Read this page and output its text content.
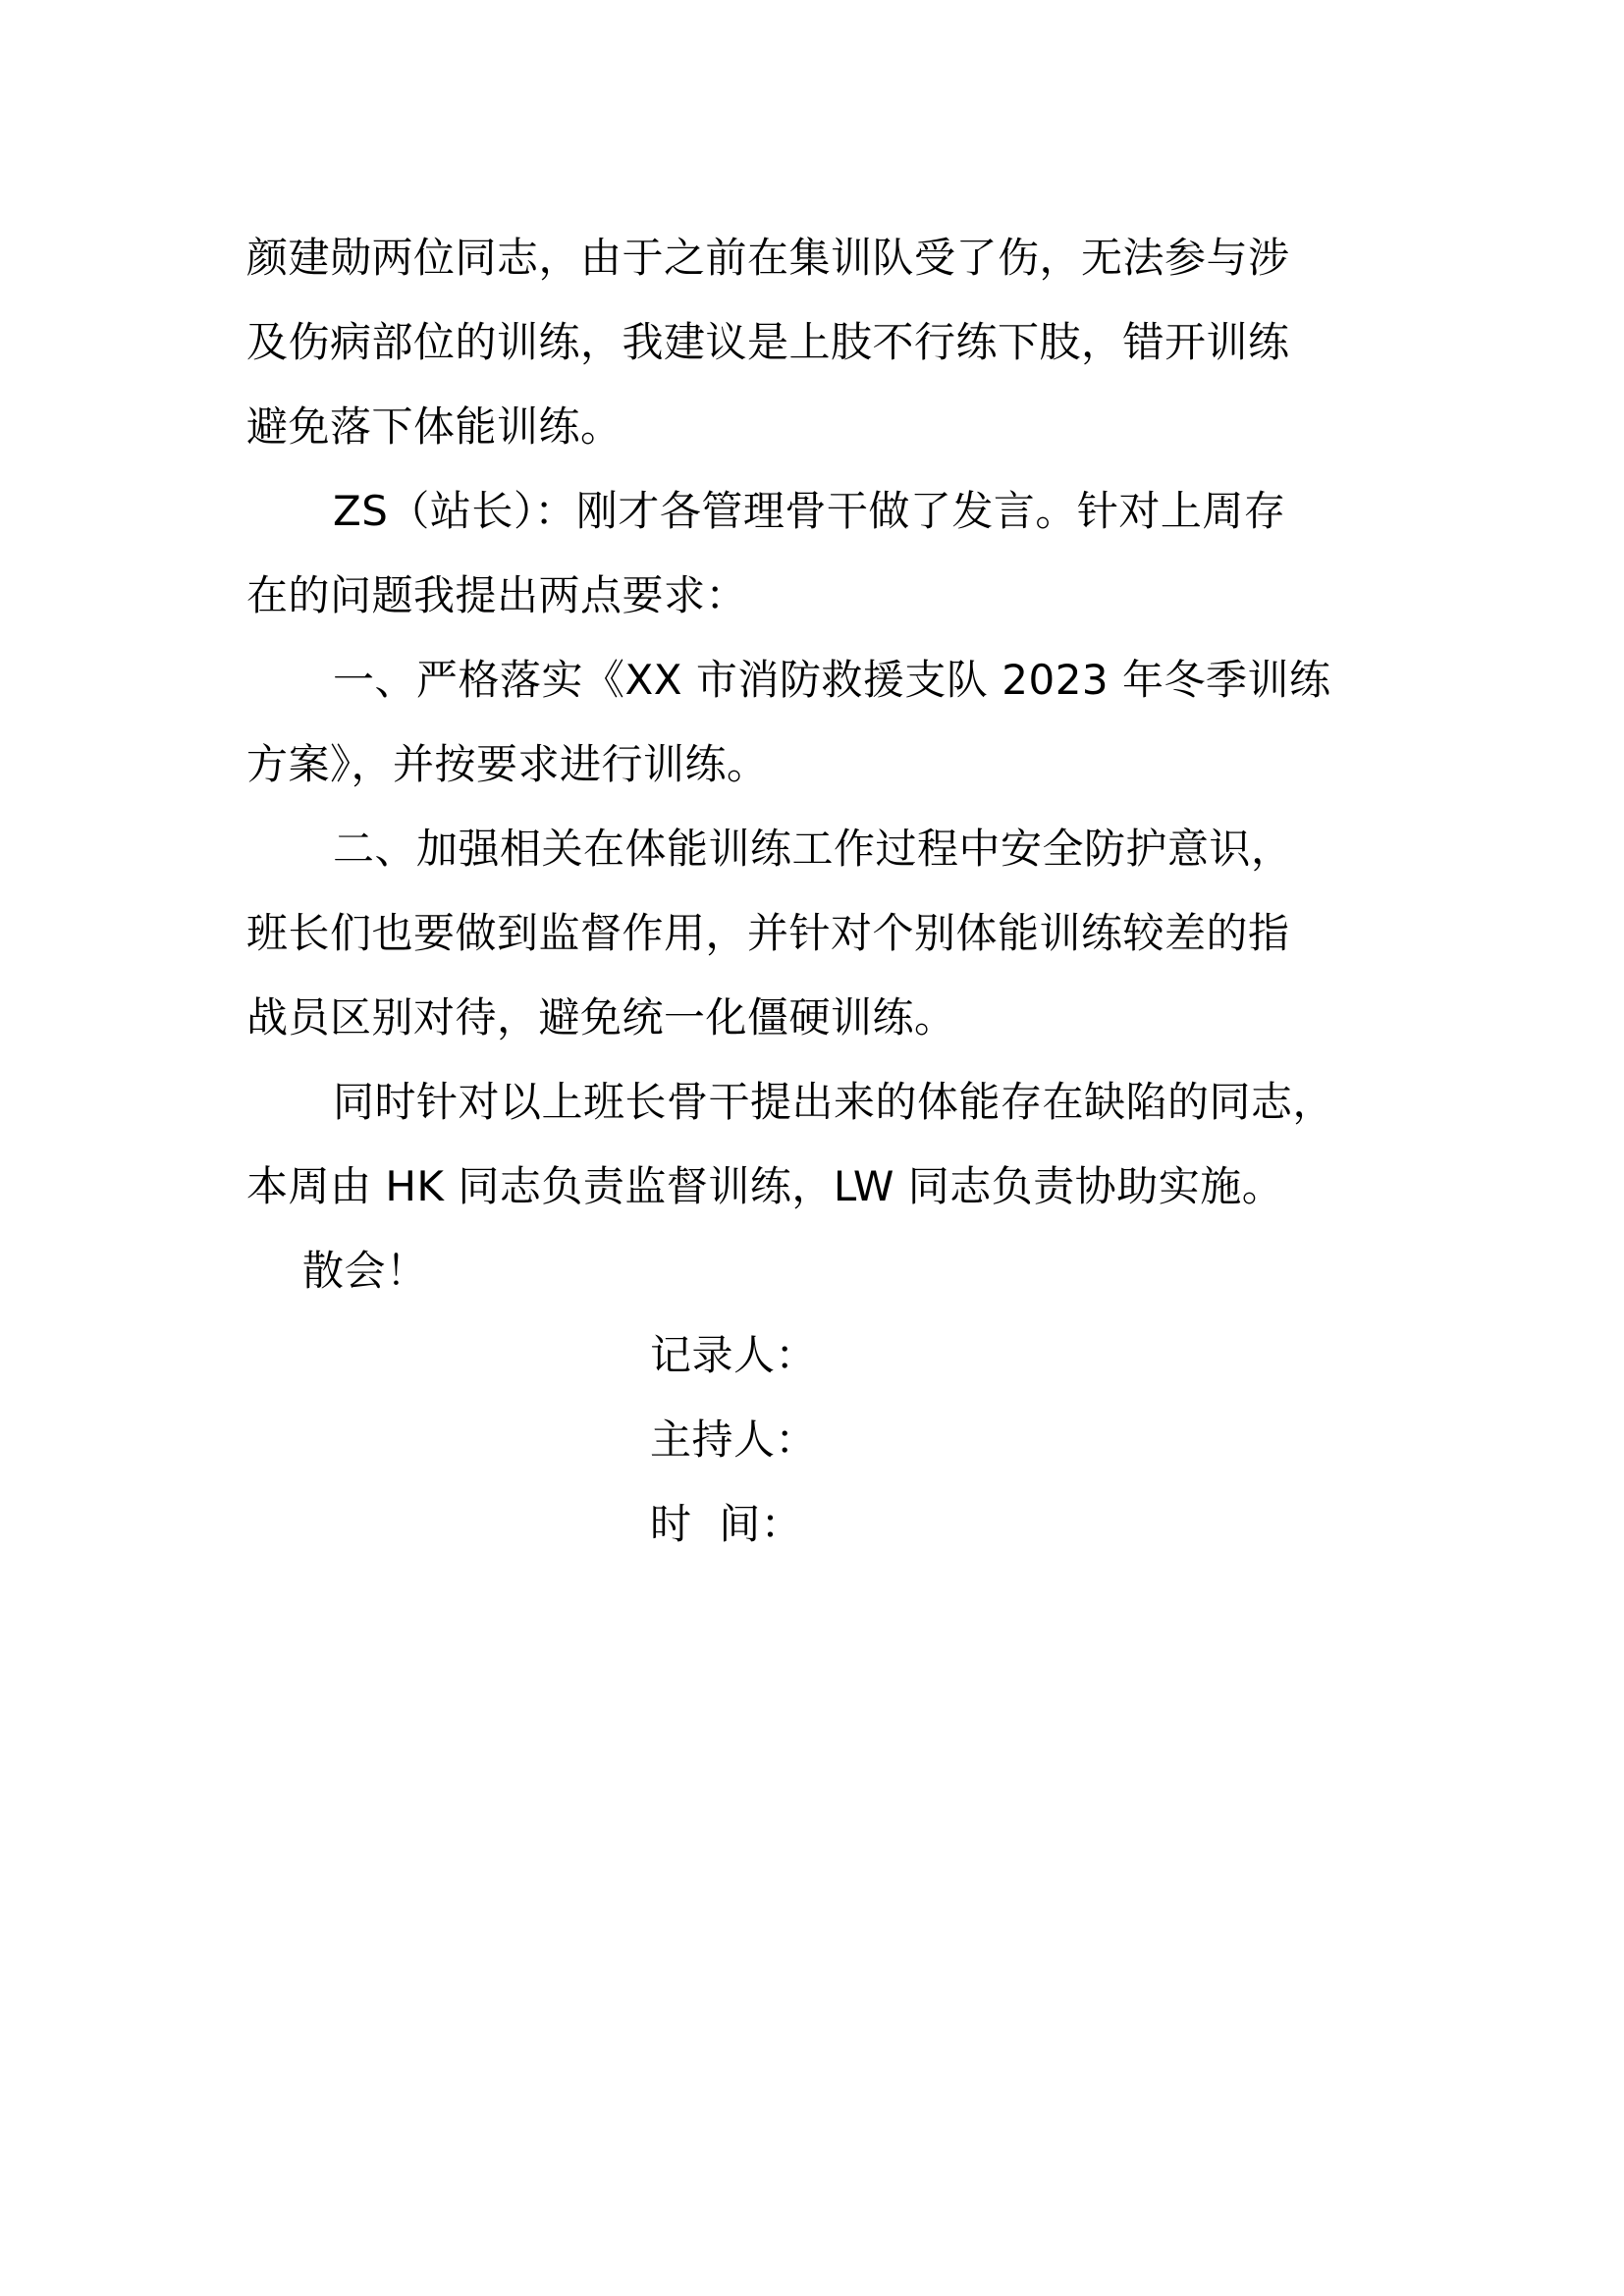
颜建勋两位同志，由于之前在集训队受了伤，无法参与涉
及伤病部位的训练，我建议是上肢不行练下肢，错开训练
避免落下体能训练。
ZS（站长）：刚才各管理骨干做了发言。针对上周存
在的问题我提出两点要求：
一、严格落实《XX 市消防救援支队 2023 年冬季训练
方案》，并按要求进行训练。
二、加强相关在体能训练工作过程中安全防护意识，
班长们也要做到监督作用，并针对个别体能训练较差的指
战员区别对待，避免统一化僵硬训练。
同时针对以上班长骨干提出来的体能存在缺陷的同志，
本周由 HK 同志负责监督训练，LW 同志负责协助实施。
散会！
记录人：
主持人：
时  间：
